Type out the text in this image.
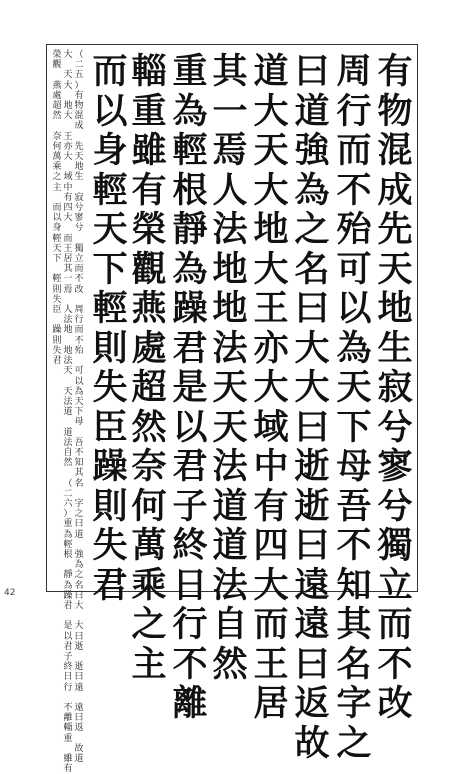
有
物
混
成
先
天
地
生
寂
兮
寥
兮
獨
立
而
不
改
周
行
而
不
殆
可
以
為
天
下
母
吾
不
知
其
名
字
之
曰
道
強
為
之
名
曰
大
大
曰
逝
逝
曰
遠
遠
曰
返
故
道
大
天
大
地
大
王
亦
大
域
中
有
四
大
而
王
居
其
一
焉
人
法
地
地
法
天
天
法
道
道
法
自
然
重
為
輕
根
靜
為
躁
君
是
以
君
子
終
日
行
不
離
輜
重
雖
有
榮
觀
燕
處
超
然
奈
何
萬
乘
之
主
而
以
身
輕
天
下
輕
則
失
臣
躁
則
失
君
（
二
五
）
有
物
混
成

先
天
地
生

寂
兮
寥
兮

獨
立
而
不
改

周
行
而
不
殆

可
以
為
天
下
母

吾
不
知
其
名

字
之
曰
道

強
為
之
名
曰
大

大
曰
逝

逝
曰
遠

遠
曰
返

故
道
大

天
大

地
大

王
亦
大

域
中
有
四
大

而
王
居
其
一
焉

人
法
地

地
法
天

天
法
道

道
法
自
然

（
二
六
）
重
為
輕
根

靜
為
躁
君

是
以
君
子
終
日
行

不
離
輜
重

雖
有
榮
觀

燕
處
超
然

奈
何
萬
乘
之
主

而
以
身
輕
天
下

輕
則
失
臣

躁
則
失
君
42
